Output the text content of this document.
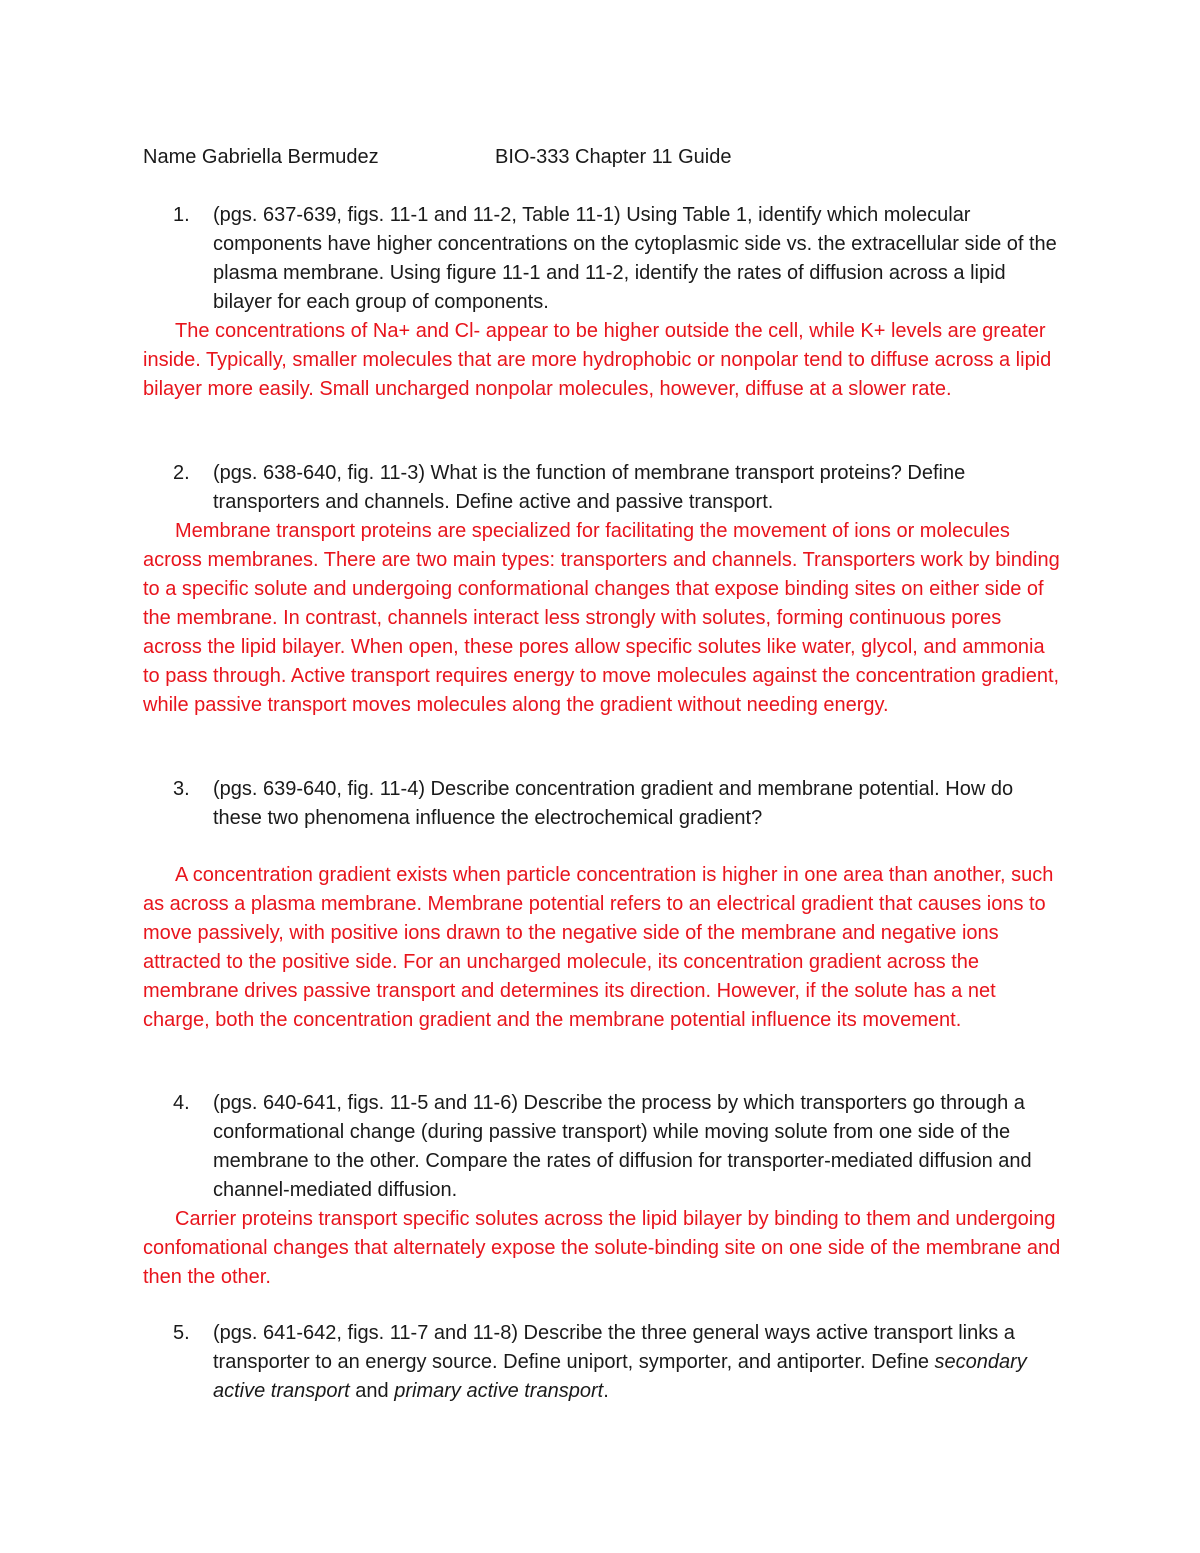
Name Gabriella Bermudez	BIO-333 Chapter 11 Guide
1. (pgs. 637-639, figs. 11-1 and 11-2, Table 11-1) Using Table 1, identify which molecular components have higher concentrations on the cytoplasmic side vs. the extracellular side of the plasma membrane. Using figure 11-1 and 11-2, identify the rates of diffusion across a lipid bilayer for each group of components.
The concentrations of Na+ and Cl- appear to be higher outside the cell, while K+ levels are greater inside. Typically, smaller molecules that are more hydrophobic or nonpolar tend to diffuse across a lipid bilayer more easily. Small uncharged nonpolar molecules, however, diffuse at a slower rate.
2. (pgs. 638-640, fig. 11-3) What is the function of membrane transport proteins? Define transporters and channels. Define active and passive transport.
Membrane transport proteins are specialized for facilitating the movement of ions or molecules across membranes. There are two main types: transporters and channels. Transporters work by binding to a specific solute and undergoing conformational changes that expose binding sites on either side of the membrane. In contrast, channels interact less strongly with solutes, forming continuous pores across the lipid bilayer. When open, these pores allow specific solutes like water, glycol, and ammonia to pass through. Active transport requires energy to move molecules against the concentration gradient, while passive transport moves molecules along the gradient without needing energy.
3. (pgs. 639-640, fig. 11-4) Describe concentration gradient and membrane potential. How do these two phenomena influence the electrochemical gradient?
A concentration gradient exists when particle concentration is higher in one area than another, such as across a plasma membrane. Membrane potential refers to an electrical gradient that causes ions to move passively, with positive ions drawn to the negative side of the membrane and negative ions attracted to the positive side. For an uncharged molecule, its concentration gradient across the membrane drives passive transport and determines its direction. However, if the solute has a net charge, both the concentration gradient and the membrane potential influence its movement.
4. (pgs. 640-641, figs. 11-5 and 11-6) Describe the process by which transporters go through a conformational change (during passive transport) while moving solute from one side of the membrane to the other. Compare the rates of diffusion for transporter-mediated diffusion and channel-mediated diffusion.
Carrier proteins transport specific solutes across the lipid bilayer by binding to them and undergoing confomational changes that alternately expose the solute-binding site on one side of the membrane and then the other.
5. (pgs. 641-642, figs. 11-7 and 11-8) Describe the three general ways active transport links a transporter to an energy source. Define uniport, symporter, and antiporter. Define secondary active transport and primary active transport.
